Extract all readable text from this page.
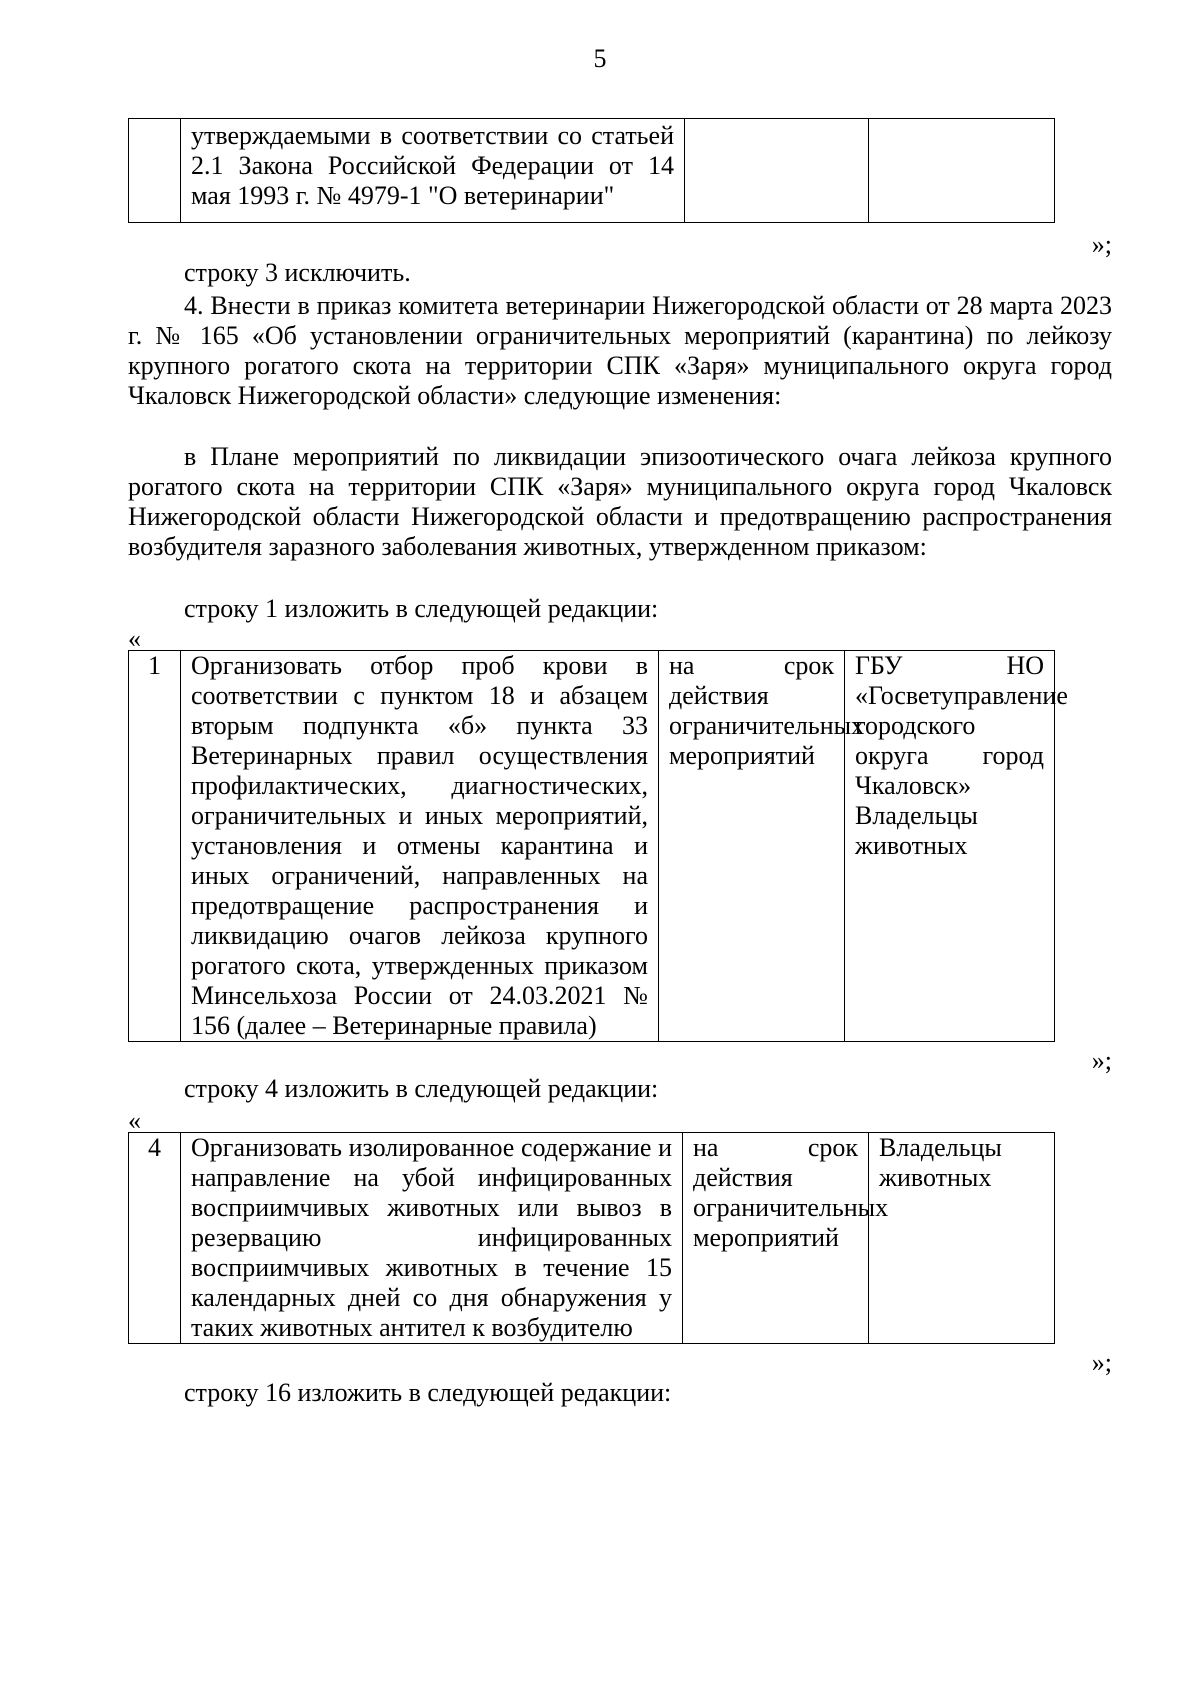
5
	утверждаемыми в соответствии со статьей 2.1 Закона Российской Федерации от 14 мая 1993 г. № 4979-1 "О ветеринарии"		
»;

строку 3 исключить.

4. Внести в приказ комитета ветеринарии Нижегородской области от 28 марта 2023 г. № 165 «Об установлении ограничительных мероприятий (карантина) по лейкозу крупного рогатого скота на территории СПК «Заря» муниципального округа город Чкаловск Нижегородской области» следующие изменения:

в Плане мероприятий по ликвидации эпизоотического очага лейкоза крупного рогатого скота на территории СПК «Заря» муниципального округа город Чкаловск Нижегородской области Нижегородской области и предотвращению распространения возбудителя заразного заболевания животных, утвержденном приказом:

строку 1 изложить в следующей редакции:

«
1	Организовать отбор проб крови в соответствии с пунктом 18 и абзацем вторым подпункта «б» пункта 33 Ветеринарных правил осуществления профилактических, диагностических, ограничительных и иных мероприятий, установления и отмены карантина и иных ограничений, направленных на предотвращение распространения и ликвидацию очагов лейкоза крупного рогатого скота, утвержденных приказом Минсельхоза России от 24.03.2021 № 156 (далее – Ветеринарные правила)	на срок действия ограничительных мероприятий	ГБУ НО «Госветуправление городского округа город Чкаловск» Владельцы животных
»;

строку 4 изложить в следующей редакции:

«
4	Организовать изолированное содержание и направление на убой инфицированных восприимчивых животных или вывоз в резервацию инфицированных восприимчивых животных в течение 15 календарных дней со дня обнаружения у таких животных антител к возбудителю	на срок действия ограничительных мероприятий	Владельцы животных
»;

строку 16 изложить в следующей редакции:
